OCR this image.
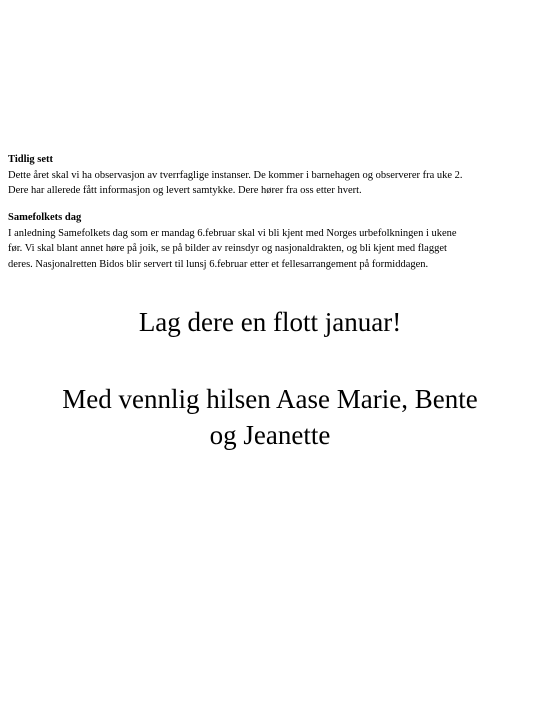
Tidlig sett
Dette året skal vi ha observasjon av tverrfaglige instanser. De kommer i barnehagen og observerer fra uke 2.
Dere har allerede fått informasjon og levert samtykke. Dere hører fra oss etter hvert.
Samefolkets dag
I anledning Samefolkets dag som er mandag 6.februar skal vi bli kjent med Norges urbefolkningen i ukene
før. Vi skal blant annet høre på joik, se på bilder av reinsdyr og nasjonaldrakten, og bli kjent med flagget
deres. Nasjonalretten Bidos blir servert til lunsj 6.februar etter et fellesarrangement på formiddagen.
Lag dere en flott januar!
Med vennlig hilsen Aase Marie, Bente
og Jeanette
